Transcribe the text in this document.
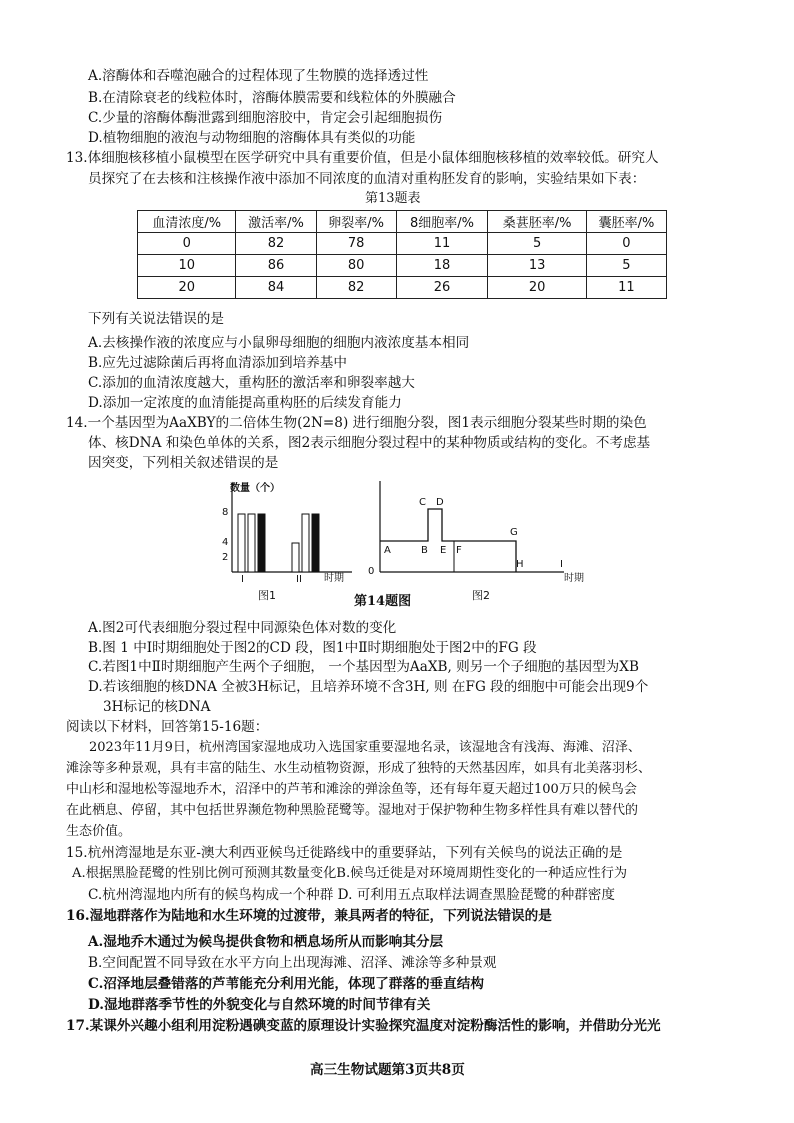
A.溶酶体和吞噬泡融合的过程体现了生物膜的选择透过性
B.在清除衰老的线粒体时，溶酶体膜需要和线粒体的外膜融合
C.少量的溶酶体酶泄露到细胞溶胶中，肯定会引起细胞损伤
D.植物细胞的液泡与动物细胞的溶酶体具有类似的功能
13.体细胞核移植小鼠模型在医学研究中具有重要价值，但是小鼠体细胞核移植的效率较低。研究人
员探究了在去核和注核操作液中添加不同浓度的血清对重构胚发育的影响，实验结果如下表：
第13题表
血清浓度/%	激活率/%	卵裂率/%	8细胞率/%	桑葚胚率/%	囊胚率/%
0	82	78	11	5	0
10	86	80	18	13	5
20	84	82	26	20	11
下列有关说法错误的是
A.去核操作液的浓度应与小鼠卵母细胞的细胞内液浓度基本相同
B.应先过滤除菌后再将血清添加到培养基中
C.添加的血清浓度越大，重构胚的激活率和卵裂率越大
D.添加一定浓度的血清能提高重构胚的后续发育能力
14.一个基因型为AaXBY的二倍体生物(2N=8) 进行细胞分裂，图1表示细胞分裂某些时期的染色
体、核DNA 和染色单体的关系，图2表示细胞分裂过程中的某种物质或结构的变化。不考虑基
因突变，下列相关叙述错误的是
数量（个）
8
4
2
I	II 时期
图1
0
A	B
C D
E F
G
H	I
时期
图2
第14题图
A.图2可代表细胞分裂过程中同源染色体对数的变化
B.图 1 中I时期细胞处于图2的CD 段，图1中Ⅱ时期细胞处于图2中的FG 段
C.若图1中Ⅱ时期细胞产生两个子细胞， 一个基因型为AaXB, 则另一个子细胞的基因型为XB
D.若该细胞的核DNA 全被3H标记，且培养环境不含3H, 则 在FG 段的细胞中可能会出现9个
3H标记的核DNA
阅读以下材料，回答第15-16题：
2023年11月9日，杭州湾国家湿地成功入选国家重要湿地名录，该湿地含有浅海、海滩、沼泽、
滩涂等多种景观，具有丰富的陆生、水生动植物资源，形成了独特的天然基因库，如具有北美落羽杉、
中山杉和湿地松等湿地乔木，沼泽中的芦苇和滩涂的弹涂鱼等，还有每年夏天超过100万只的候鸟会
在此栖息、停留，其中包括世界濒危物种黑脸琵鹭等。湿地对于保护物种生物多样性具有难以替代的
生态价值。
15.杭州湾湿地是东亚-澳大利西亚候鸟迁徙路线中的重要驿站，下列有关候鸟的说法正确的是
A.根据黑脸琵鹭的性别比例可预测其数量变化B.候鸟迁徙是对环境周期性变化的一种适应性行为
C.杭州湾湿地内所有的候鸟构成一个种群 D. 可利用五点取样法调查黑脸琵鹭的种群密度
16.湿地群落作为陆地和水生环境的过渡带，兼具两者的特征，下列说法错误的是
A.湿地乔木通过为候鸟提供食物和栖息场所从而影响其分层
B.空间配置不同导致在水平方向上出现海滩、沼泽、滩涂等多种景观
C.沼泽地层叠错落的芦苇能充分利用光能，体现了群落的垂直结构
D.湿地群落季节性的外貌变化与自然环境的时间节律有关
17.某课外兴趣小组利用淀粉遇碘变蓝的原理设计实验探究温度对淀粉酶活性的影响，并借助分光光
高三生物试题第3页共8页
